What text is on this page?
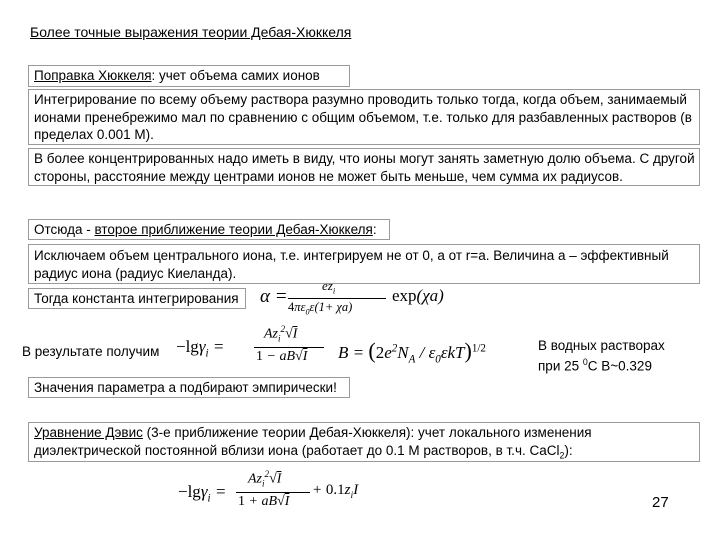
Более точные выражения теории Дебая-Хюккеля
Поправка Хюккеля: учет объема самих ионов
Интегрирование по всему объему раствора разумно проводить только тогда, когда объем, занимаемый ионами пренебрежимо мал по сравнению с общим объемом, т.е. только для разбавленных растворов (в пределах 0.001 М).
В более концентрированных надо иметь в виду, что ионы могут занять заметную долю объема. С другой стороны, расстояние между центрами ионов не может быть меньше, чем сумма их радиусов.
Отсюда - второе приближение теории Дебая-Хюккеля:
Исключаем объем центрального иона, т.е. интегрируем не от 0, а от r=a. Величина a – эффективный радиус иона (радиус Киеланда).
Тогда константа интегрирования α =
$ez_i$
$4\pi\varepsilon_0\varepsilon(1+ \chi a)$
exp(χa)
В результате получим −lgγ$_i$ =
$Az_i^2√I$
1 − aB√I $B = (2e^2N_A / \varepsilon_0\varepsilon kT)^{1/2}$	В водных растворах
при 25 $^0$С В~0.329
Значения параметра a подбирают эмпирически!
Уравнение Дэвис (3-е приближение теории Дебая-Хюккеля): учет локального изменения
диэлектрической постоянной вблизи иона (работает до 0.1 М растворов, в т.ч. CaCl$_2$):
−lgγ$_i$ =
$Az_i^2√I$
1 + aB√I
+ $0.1z_iI$
27
